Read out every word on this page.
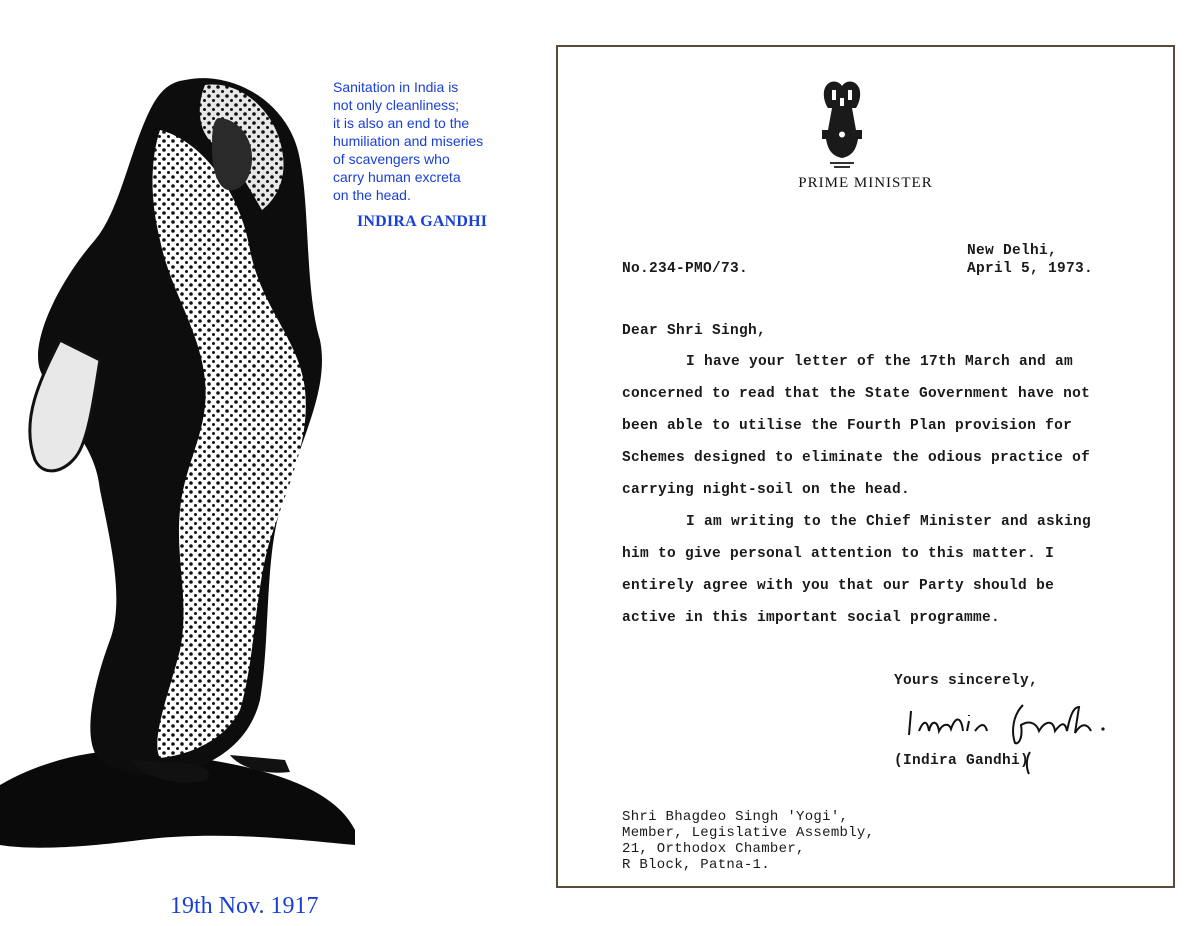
Sanitation in India is
not only cleanliness;
it is also an end to the
humiliation and miseries
of scavengers who
carry human excreta
on the head.
INDIRA GANDHI
19th Nov. 1917
PRIME MINISTER
No.234-PMO/73.
New Delhi,
April 5, 1973.
Dear Shri Singh,
I have your letter of the 17th March and am
concerned to read that the State Government have not
been able to utilise the Fourth Plan provision for
Schemes designed to eliminate the odious practice of
carrying night-soil on the head.
I am writing to the Chief Minister and asking
him to give personal attention to this matter. I
entirely agree with you that our Party should be
active in this important social programme.
Yours sincerely,
(Indira Gandhi)
Shri Bhagdeo Singh 'Yogi',
Member, Legislative Assembly,
21, Orthodox Chamber,
R Block, Patna-1.
